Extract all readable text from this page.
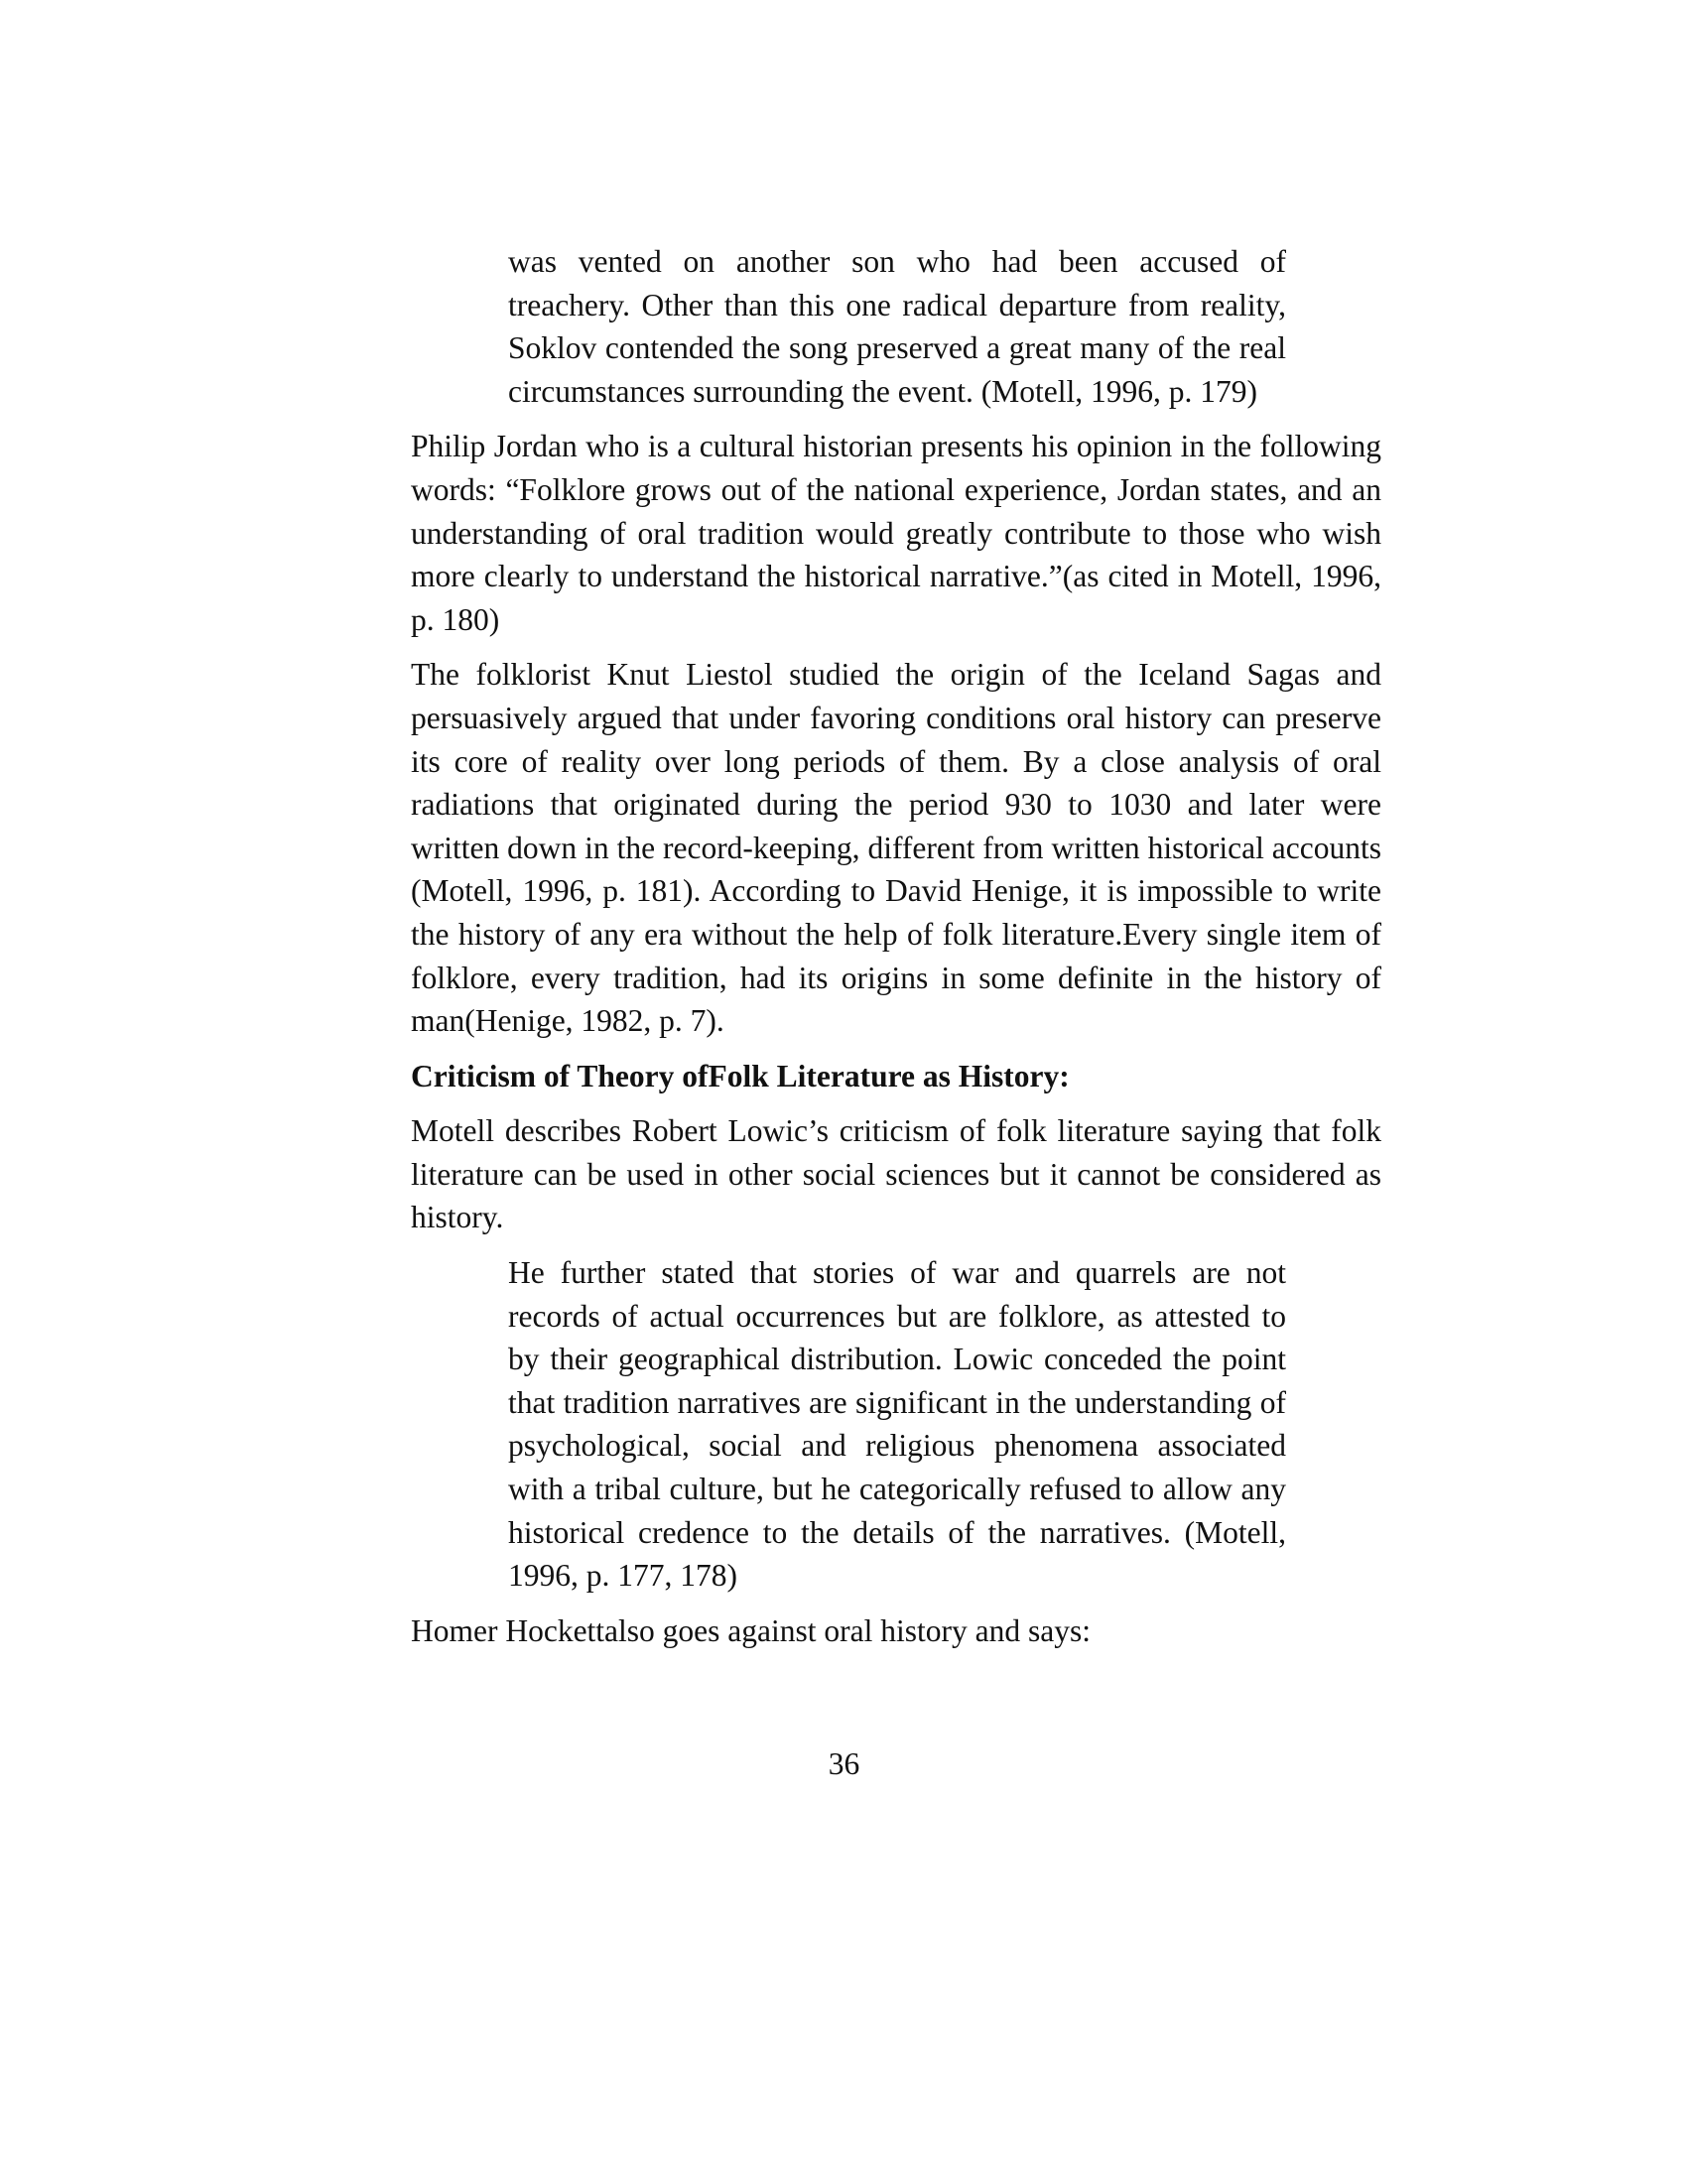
was vented on another son who had been accused of treachery. Other than this one radical departure from reality, Soklov contended the song preserved a great many of the real circumstances surrounding the event. (Motell, 1996, p. 179)
Philip Jordan who is a cultural historian presents his opinion in the following words: “Folklore grows out of the national experience, Jordan states, and an understanding of oral tradition would greatly contribute to those who wish more clearly to understand the historical narrative.”(as cited in Motell, 1996, p. 180)
The folklorist Knut Liestol studied the origin of the Iceland Sagas and persuasively argued that under favoring conditions oral history can preserve its core of reality over long periods of them. By a close analysis of oral radiations that originated during the period 930 to 1030 and later were written down in the record-keeping, different from written historical accounts (Motell, 1996, p. 181). According to David Henige, it is impossible to write the history of any era without the help of folk literature.Every single item of folklore, every tradition, had its origins in some definite in the history of man(Henige, 1982, p. 7).
Criticism of Theory ofFolk Literature as History:
Motell describes Robert Lowic’s criticism of folk literature saying that folk literature can be used in other social sciences but it cannot be considered as history.
He further stated that stories of war and quarrels are not records of actual occurrences but are folklore, as attested to by their geographical distribution. Lowic conceded the point that tradition narratives are significant in the understanding of psychological, social and religious phenomena associated with a tribal culture, but he categorically refused to allow any historical credence to the details of the narratives. (Motell, 1996, p. 177, 178)
Homer Hockettalso goes against oral history and says:
36
